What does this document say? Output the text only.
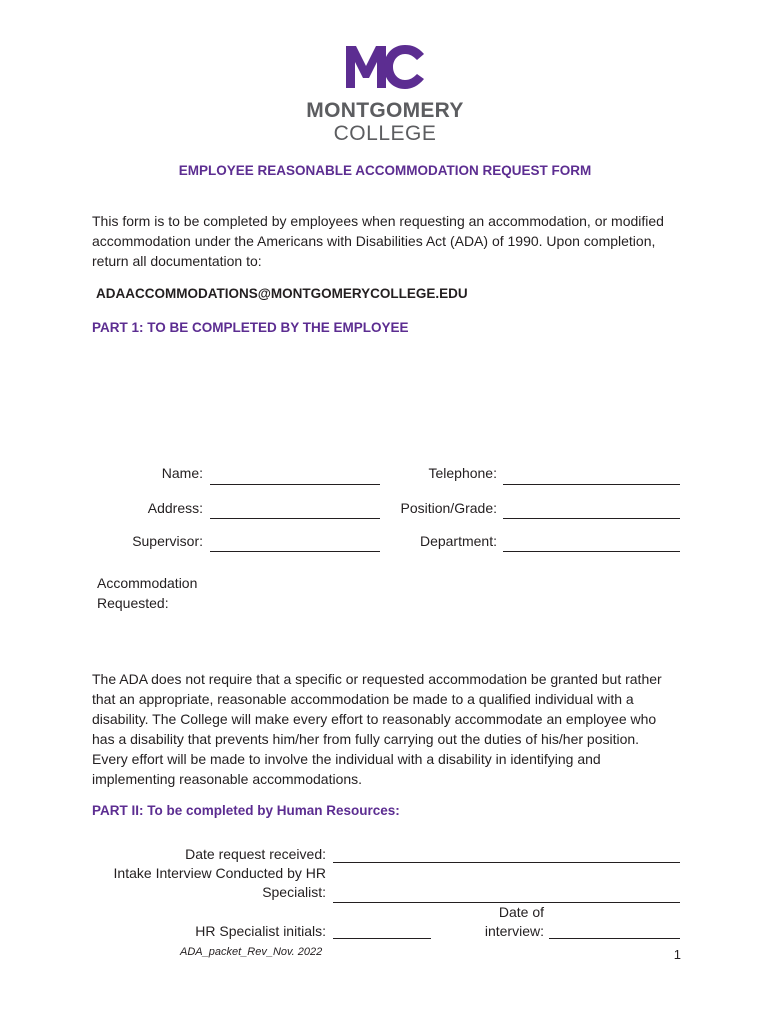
MONTGOMERY
COLLEGE
EMPLOYEE REASONABLE ACCOMMODATION REQUEST FORM
This form is to be completed by employees when requesting an accommodation, or modified accommodation under the Americans with Disabilities Act (ADA) of 1990. Upon completion, return all documentation to:
ADAACCOMMODATIONS@MONTGOMERYCOLLEGE.EDU
PART 1: TO BE COMPLETED BY THE EMPLOYEE
Name:	Telephone:
Address:	Position/Grade:
Supervisor:	Department:
Accommodation
Requested:
The ADA does not require that a specific or requested accommodation be granted but rather that an appropriate, reasonable accommodation be made to a qualified individual with a disability. The College will make every effort to reasonably accommodate an employee who has a disability that prevents him/her from fully carrying out the duties of his/her position. Every effort will be made to involve the individual with a disability in identifying and implementing reasonable accommodations.
PART II: To be completed by Human Resources:
Date request received:
Intake Interview Conducted by HR
Specialist:
HR Specialist initials:
Date of
interview:
ADA_packet_Rev_Nov. 2022	1
